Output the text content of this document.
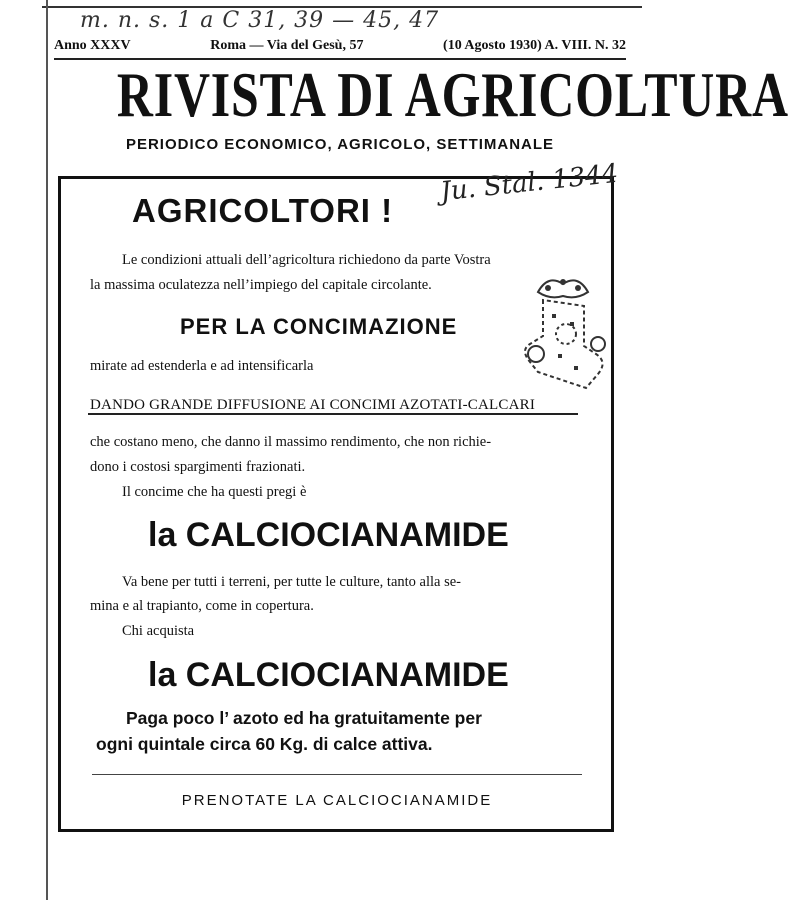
m. n. s. 1 a C 31, 39 — 45, 47
Anno XXXV	Roma — Via del Gesù, 57	(10 Agosto 1930) A. VIII. N. 32
RIVISTA DI AGRICOLTURA
PERIODICO ECONOMICO, AGRICOLO, SETTIMANALE
Ju. Stal. 1344
AGRICOLTORI !
Le condizioni attuali dell’agricoltura richiedono da parte Vostra
la massima oculatezza nell’impiego del capitale circolante.
PER LA CONCIMAZIONE
mirate ad estenderla e ad intensificarla
DANDO GRANDE DIFFUSIONE AI CONCIMI AZOTATI-CALCARI
che costano meno, che danno il massimo rendimento, che non richie-
dono i costosi spargimenti frazionati.
Il concime che ha questi pregi è
la CALCIOCIANAMIDE
Va bene per tutti i terreni, per tutte le culture, tanto alla se-
mina e al trapianto, come in copertura.
Chi acquista
la CALCIOCIANAMIDE
Paga poco l’ azoto ed ha gratuitamente per
ogni quintale circa 60 Kg. di calce attiva.
PRENOTATE LA CALCIOCIANAMIDE
